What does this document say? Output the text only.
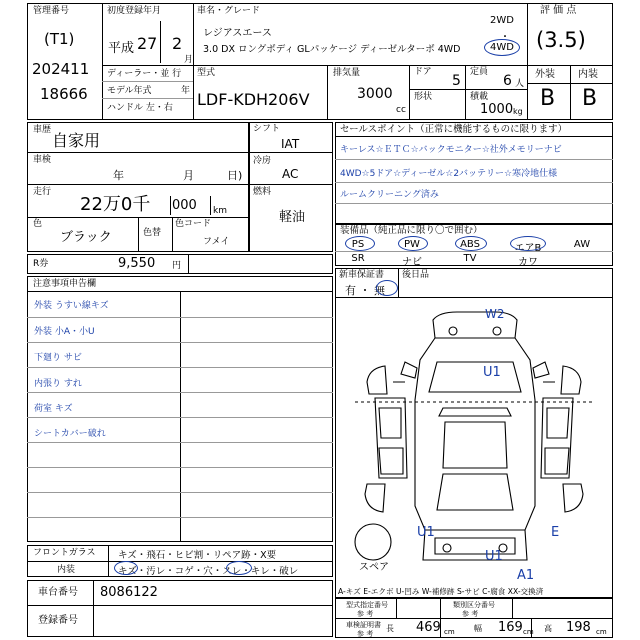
管理番号
(T1)
202411
18666
初度登録年月
平成 27 2
月
ディーラー・並 行
モデル年式	年
ハンドル 左・右
車名・グレード
レジアスエース
3.0 DX ロングボディ GLパッケージ ディーゼルターボ 4WD
2WD
・
4WD
型式
LDF-KDH206V
排気量
3000
cc
ドア
5
定員
6 人
形状	積載
1000 kg
評 価 点
(3.5)
外装 内装
B B
車歴
自家用
車検
年	月	日)
走行
22万0千 000 km
色
ブラック	色替
色コード
フメイ
シフト
IAT
冷房
AC
燃料
軽油
セールスポイント（正常に機能するものに限ります）
キーレス☆ＥＴＣ☆バックモニター☆社外メモリーナビ
4WD☆5ドア☆ディーゼル☆2バッテリー☆寒冷地仕様
ルームクリーニング済み
装備品（純正品に限り〇で囲む）
PS	PW	ABS	エアB	AW
SR	ナビ	TV	カワ
新車保証書
有 ・ 無
後日品
R券	9,550 円
注意事項申告欄
外装 うすい線キズ
外装 小A・小U
下廻り サビ
内張り すれ
荷室 キズ
シートカバー破れ
フロントガラス キズ・飛石・ヒビ割・リペア跡・X要
内装	キズ・汚レ・コゲ・穴・スレ・キレ・破レ
車台番号 8086122
登録番号
W2
U1
U1	E
U1
A1
スペア
A-キズ E-エクボ U-凹み W-補修跡 S-サビ C-腐食 XX-交換済
型式指定番号
参 考
類別区分番号
参 考
車検証明書
参 考
長 469 cm 幅 169 cm 高 198 cm
